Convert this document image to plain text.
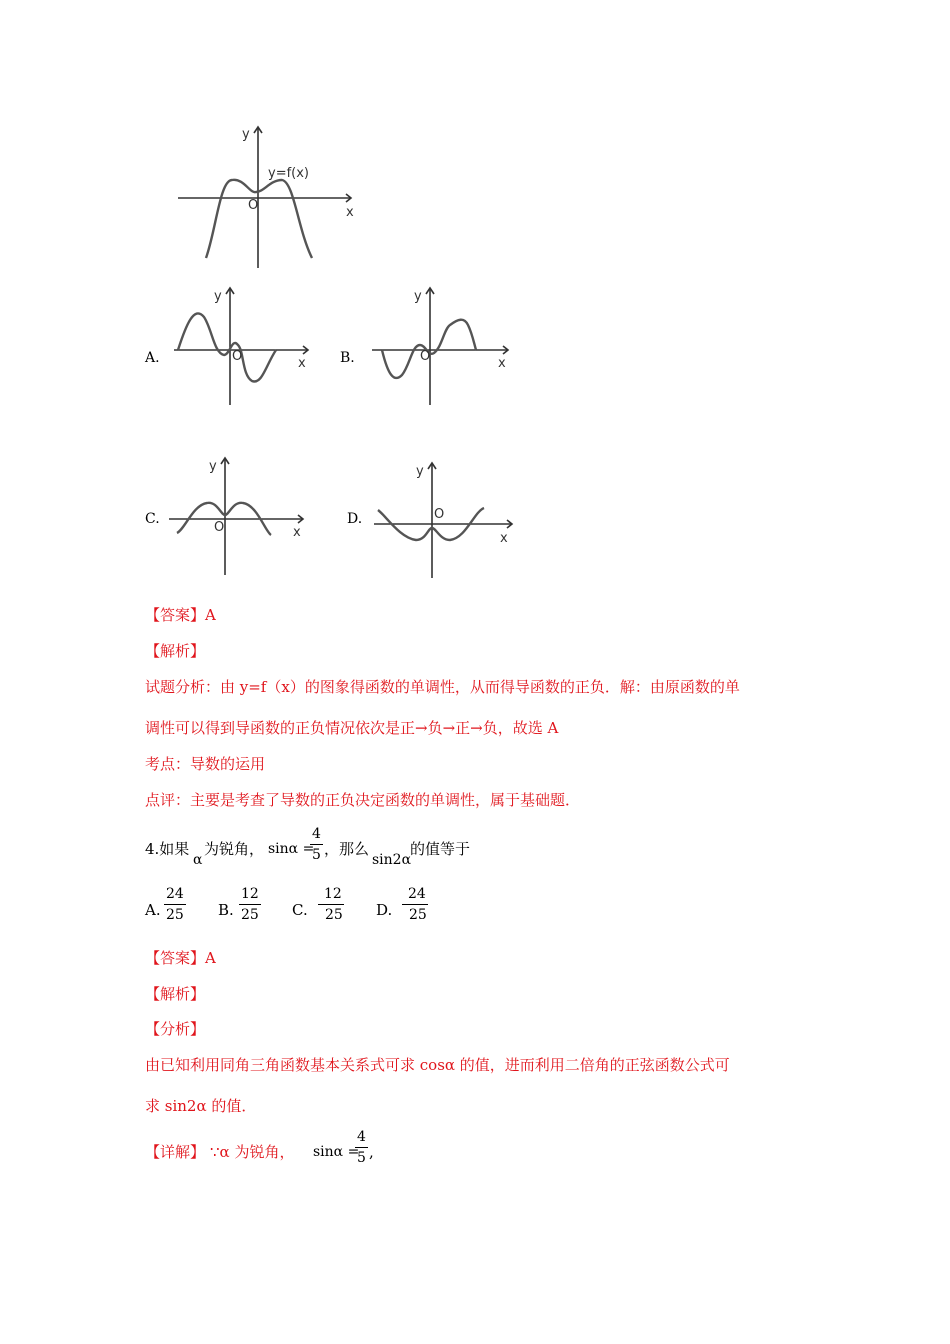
y
y=f(x)
O	x
A.
y
O	x B.
y
O	x
C.
y
O	x
D.
y
O
x
【答案】A
【解析】
试题分析：由 y=f（x）的图象得函数的单调性，从而得导函数的正负．解：由原函数的单
调性可以得到导函数的正负情况依次是正→负→正→负，故选 A
考点：导数的运用
点评：主要是考查了导数的正负决定函数的单调性，属于基础题．
4.如果
α
为锐角， sinα =
$\frac{4}{5}$ ，那么
sin2α
的值等于
A. $\frac{24}{25} B$. $\frac{12}{25} C$. $\frac{12}{25} D$. $\frac{24}{25}$
【答案】A
【解析】
【分析】
由已知利用同角三角函数基本关系式可求 cosα 的值，进而利用二倍角的正弦函数公式可
求 sin2α 的值．
【详解】 ∵α 为锐角， sinα =
$\frac{4}{5}$ ,
